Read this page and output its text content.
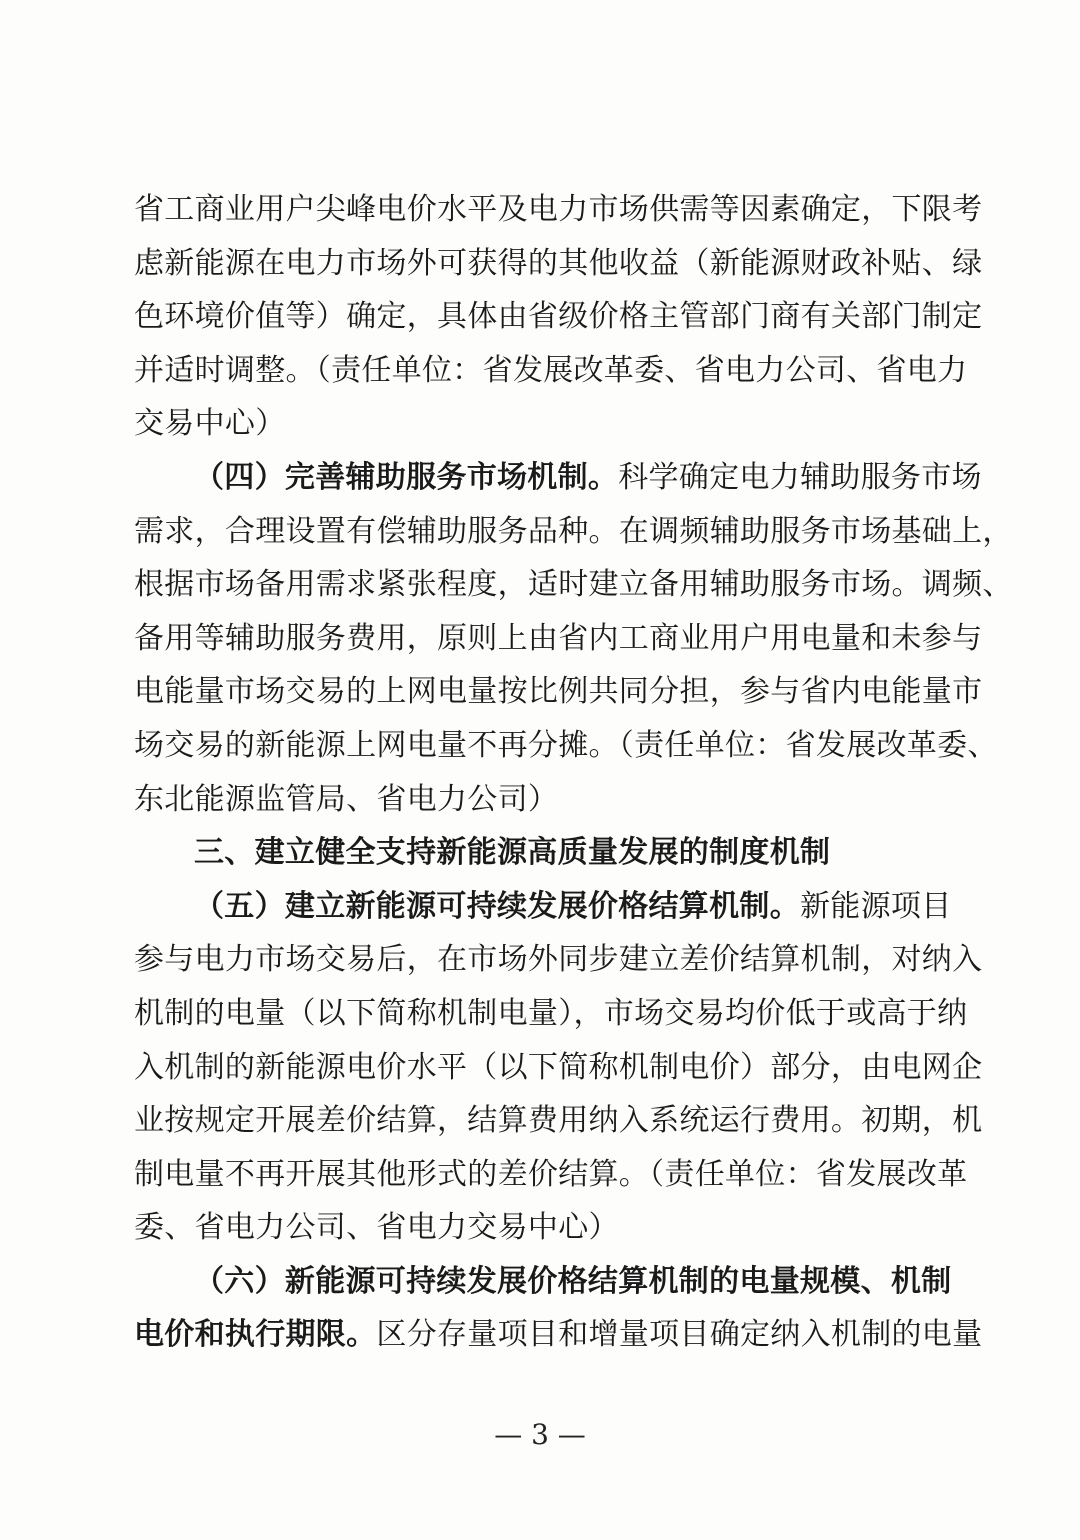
省工商业用户尖峰电价水平及电力市场供需等因素确定，下限考
虑新能源在电力市场外可获得的其他收益（新能源财政补贴、绿
色环境价值等）确定，具体由省级价格主管部门商有关部门制定
并适时调整。（责任单位：省发展改革委、省电力公司、省电力
交易中心）
（四）完善辅助服务市场机制。科学确定电力辅助服务市场
需求，合理设置有偿辅助服务品种。在调频辅助服务市场基础上，
根据市场备用需求紧张程度，适时建立备用辅助服务市场。调频、
备用等辅助服务费用，原则上由省内工商业用户用电量和未参与
电能量市场交易的上网电量按比例共同分担，参与省内电能量市
场交易的新能源上网电量不再分摊。（责任单位：省发展改革委、
东北能源监管局、省电力公司）
三、建立健全支持新能源高质量发展的制度机制
（五）建立新能源可持续发展价格结算机制。新能源项目
参与电力市场交易后，在市场外同步建立差价结算机制，对纳入
机制的电量（以下简称机制电量），市场交易均价低于或高于纳
入机制的新能源电价水平（以下简称机制电价）部分，由电网企
业按规定开展差价结算，结算费用纳入系统运行费用。初期，机
制电量不再开展其他形式的差价结算。（责任单位：省发展改革
委、省电力公司、省电力交易中心）
（六）新能源可持续发展价格结算机制的电量规模、机制
电价和执行期限。区分存量项目和增量项目确定纳入机制的电量
— 3 —
